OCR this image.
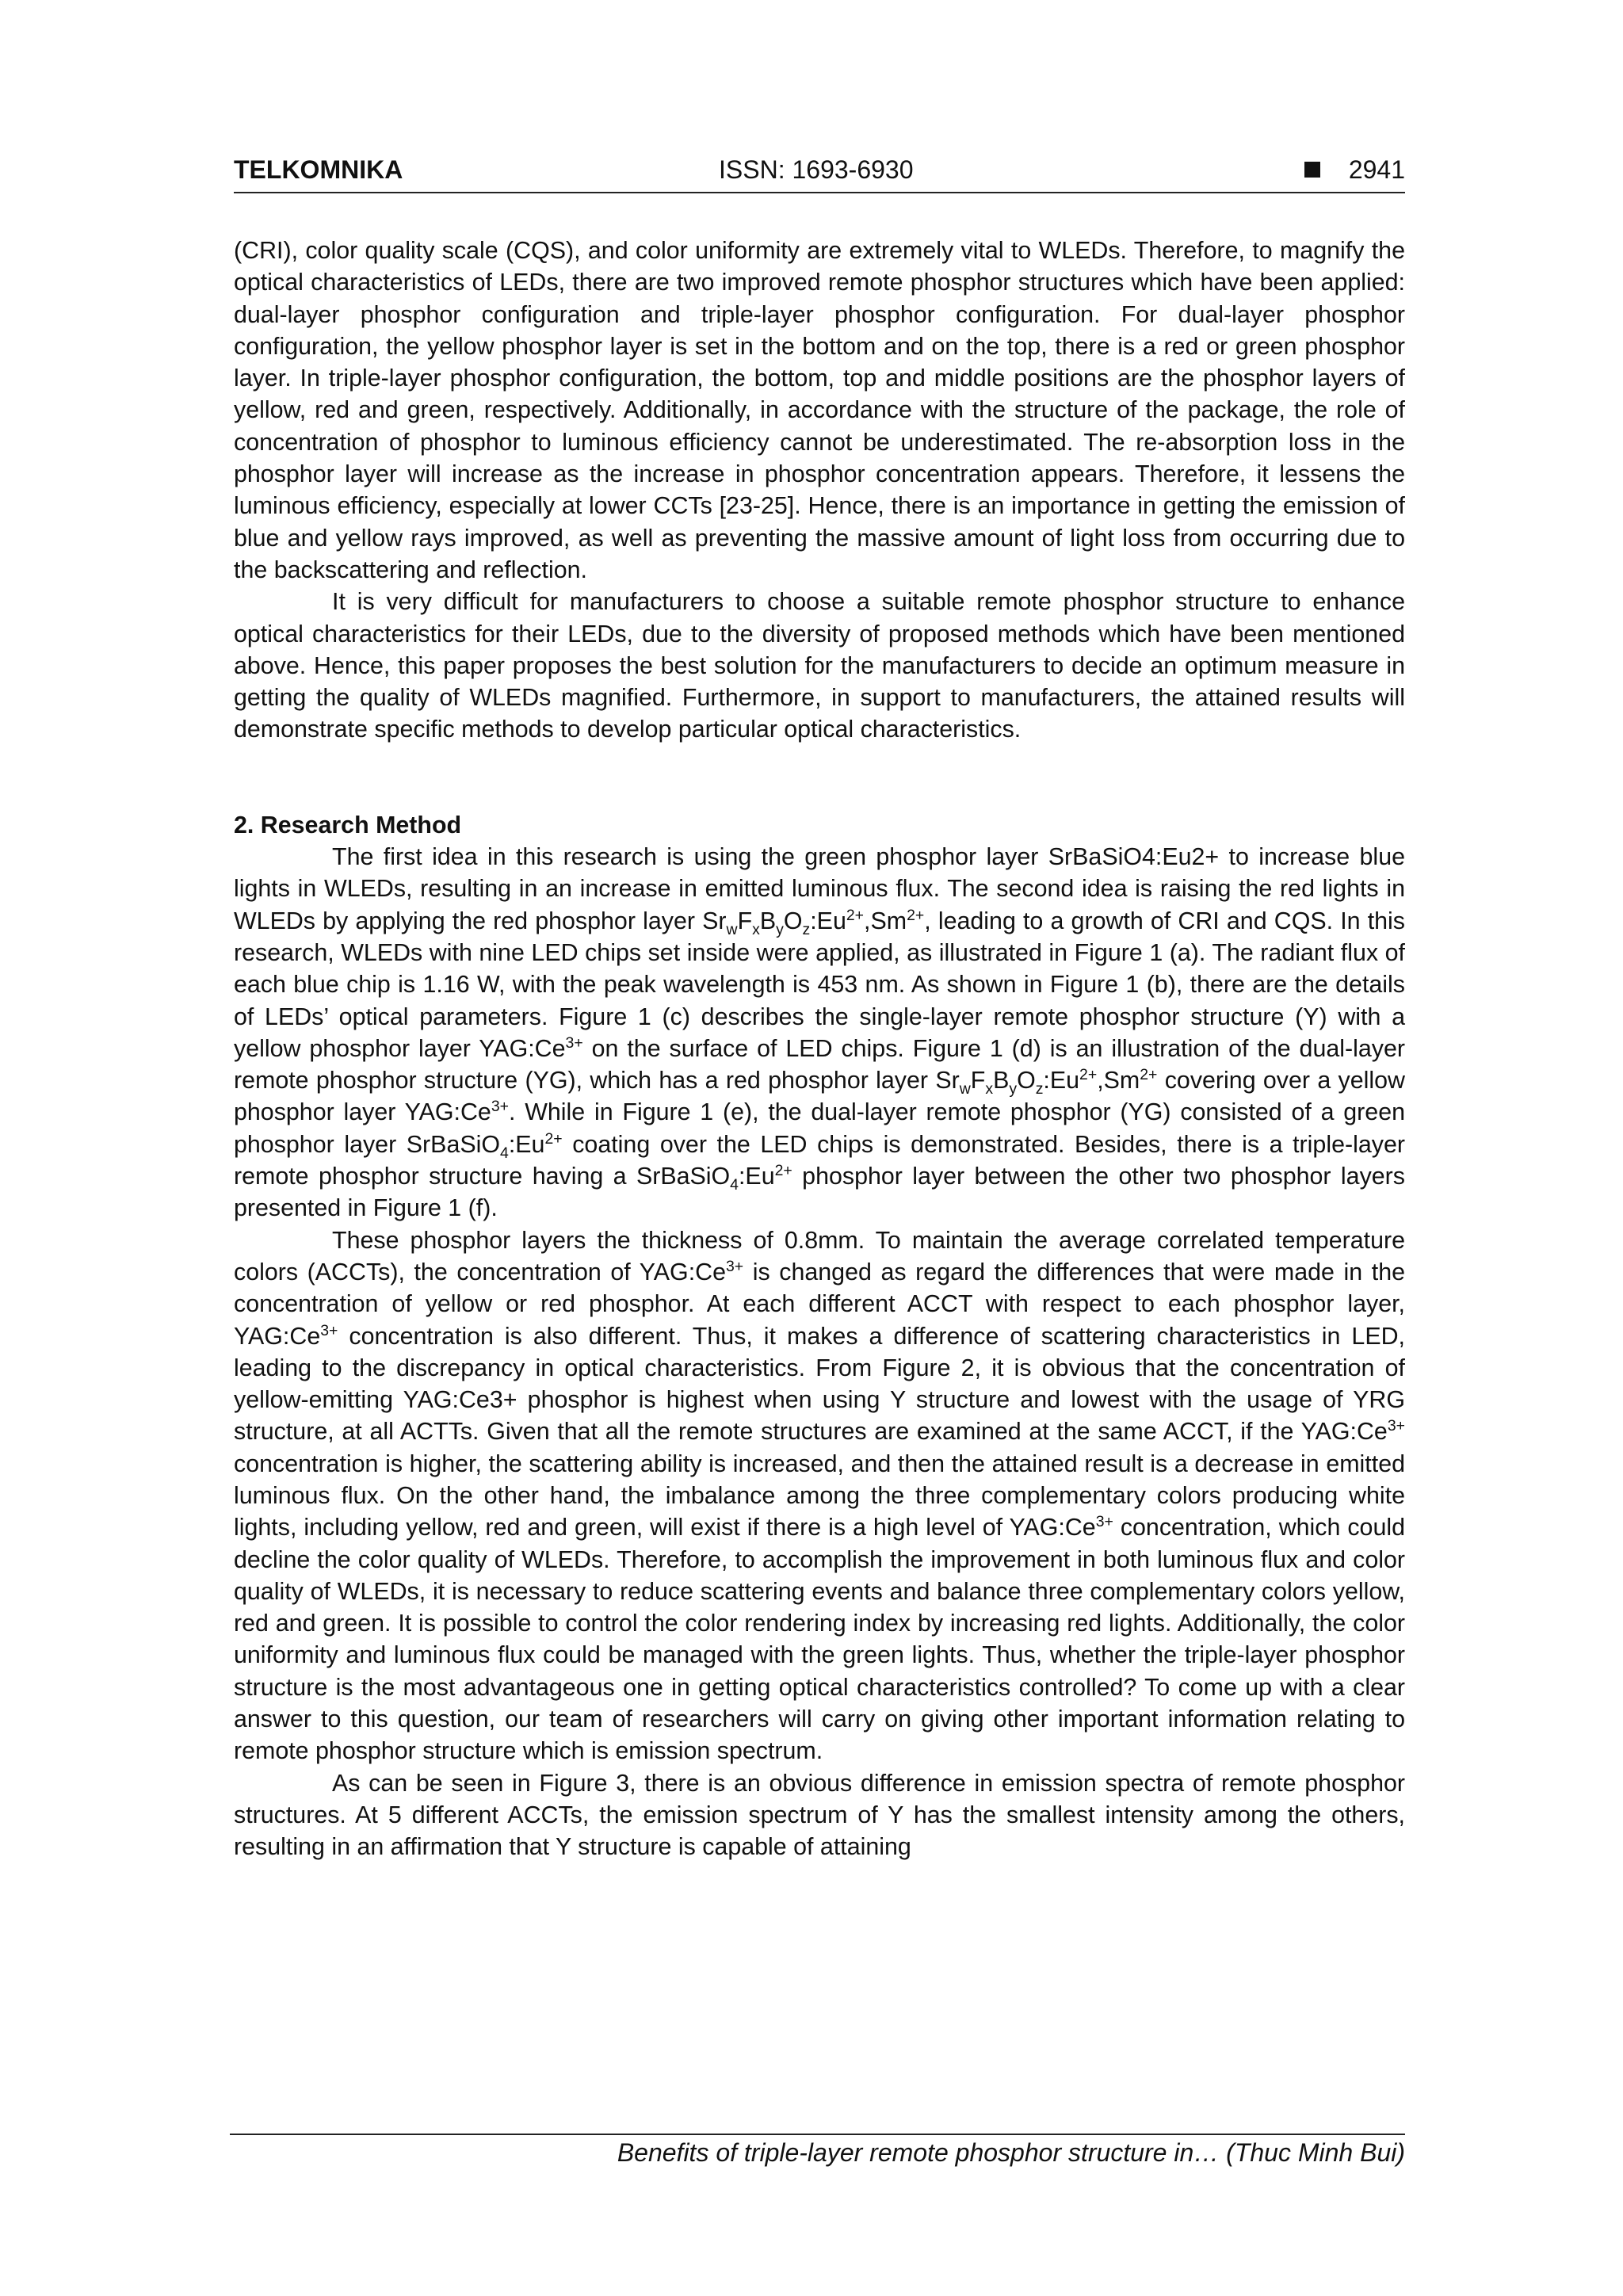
TELKOMNIKA	ISSN: 1693-6930	2941

(CRI), color quality scale (CQS), and color uniformity are extremely vital to WLEDs. Therefore, to magnify the optical characteristics of LEDs, there are two improved remote phosphor structures which have been applied: dual-layer phosphor configuration and triple-layer phosphor configuration. For dual-layer phosphor configuration, the yellow phosphor layer is set in the bottom and on the top, there is a red or green phosphor layer. In triple-layer phosphor configuration, the bottom, top and middle positions are the phosphor layers of yellow, red and green, respectively. Additionally, in accordance with the structure of the package, the role of concentration of phosphor to luminous efficiency cannot be underestimated. The re-absorption loss in the phosphor layer will increase as the increase in phosphor concentration appears. Therefore, it lessens the luminous efficiency, especially at lower CCTs [23-25]. Hence, there is an importance in getting the emission of blue and yellow rays improved, as well as preventing the massive amount of light loss from occurring due to the backscattering and reflection.

It is very difficult for manufacturers to choose a suitable remote phosphor structure to enhance optical characteristics for their LEDs, due to the diversity of proposed methods which have been mentioned above. Hence, this paper proposes the best solution for the manufacturers to decide an optimum measure in getting the quality of WLEDs magnified. Furthermore, in support to manufacturers, the attained results will demonstrate specific methods to develop particular optical characteristics.

2. Research Method

The first idea in this research is using the green phosphor layer SrBaSiO4:Eu2+ to increase blue lights in WLEDs, resulting in an increase in emitted luminous flux. The second idea is raising the red lights in WLEDs by applying the red phosphor layer $Sr_wF_xB_yO_z:Eu^{2+},Sm^{2+}$, leading to a growth of CRI and CQS. In this research, WLEDs with nine LED chips set inside were applied, as illustrated in Figure 1 (a). The radiant flux of each blue chip is 1.16 W, with the peak wavelength is 453 nm. As shown in Figure 1 (b), there are the details of LEDs’ optical parameters. Figure 1 (c) describes the single-layer remote phosphor structure (Y) with a yellow phosphor layer $YAG:Ce^{3+}$ on the surface of LED chips. Figure 1 (d) is an illustration of the dual-layer remote phosphor structure (YG), which has a red phosphor layer $Sr_wF_xB_yO_z:Eu^{2+},Sm^{2+}$ covering over a yellow phosphor layer $YAG:Ce^{3+}$. While in Figure 1 (e), the dual-layer remote phosphor (YG) consisted of a green phosphor layer $SrBaSiO_4:Eu^{2+}$ coating over the LED chips is demonstrated. Besides, there is a triple-layer remote phosphor structure having a $SrBaSiO_4:Eu^{2+}$ phosphor layer between the other two phosphor layers presented in Figure 1 (f).

These phosphor layers the thickness of 0.8mm. To maintain the average correlated temperature colors (ACCTs), the concentration of $YAG:Ce^{3+}$ is changed as regard the differences that were made in the concentration of yellow or red phosphor. At each different ACCT with respect to each phosphor layer, $YAG:Ce^{3+}$ concentration is also different. Thus, it makes a difference of scattering characteristics in LED, leading to the discrepancy in optical characteristics. From Figure 2, it is obvious that the concentration of yellow-emitting YAG:Ce3+ phosphor is highest when using Y structure and lowest with the usage of YRG structure, at all ACTTs. Given that all the remote structures are examined at the same ACCT, if the $YAG:Ce^{3+}$ concentration is higher, the scattering ability is increased, and then the attained result is a decrease in emitted luminous flux. On the other hand, the imbalance among the three complementary colors producing white lights, including yellow, red and green, will exist if there is a high level of $YAG:Ce^{3+}$ concentration, which could decline the color quality of WLEDs. Therefore, to accomplish the improvement in both luminous flux and color quality of WLEDs, it is necessary to reduce scattering events and balance three complementary colors yellow, red and green. It is possible to control the color rendering index by increasing red lights. Additionally, the color uniformity and luminous flux could be managed with the green lights. Thus, whether the triple-layer phosphor structure is the most advantageous one in getting optical characteristics controlled? To come up with a clear answer to this question, our team of researchers will carry on giving other important information relating to remote phosphor structure which is emission spectrum.

As can be seen in Figure 3, there is an obvious difference in emission spectra of remote phosphor structures. At 5 different ACCTs, the emission spectrum of Y has the smallest intensity among the others, resulting in an affirmation that Y structure is capable of attaining

Benefits of triple-layer remote phosphor structure in… (Thuc Minh Bui)
